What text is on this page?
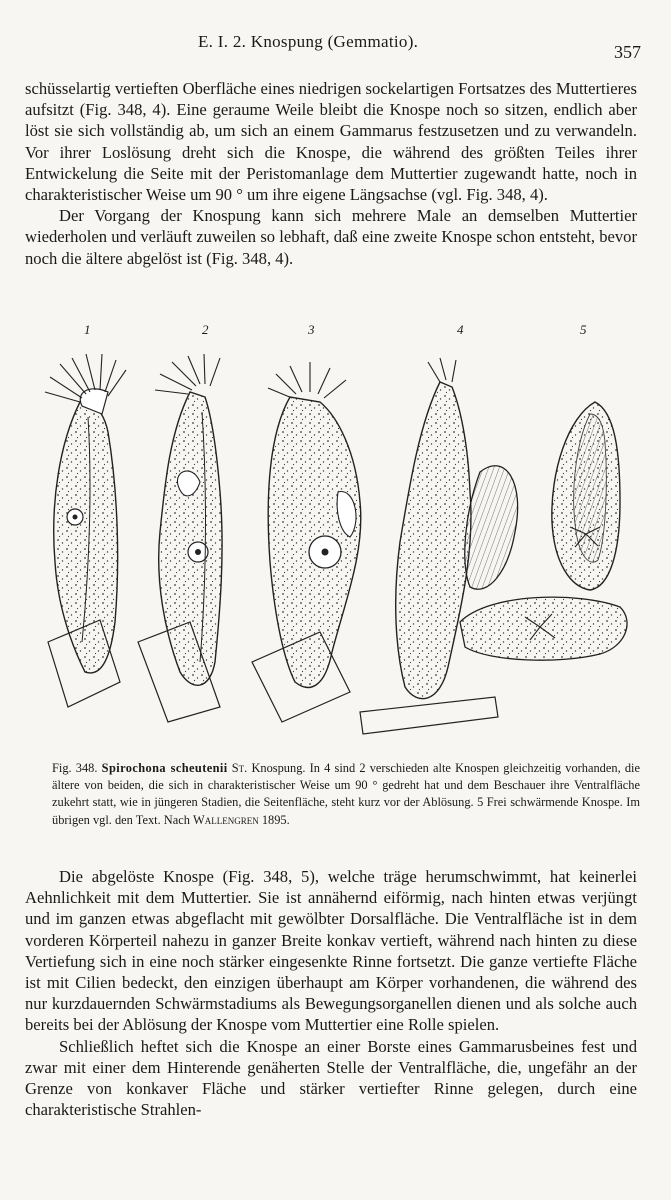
E. I. 2. Knospung (Gemmatio).
357

schüsselartig vertieften Oberfläche eines niedrigen sockelartigen Fortsatzes des Muttertieres aufsitzt (Fig. 348, 4). Eine geraume Weile bleibt die Knospe noch so sitzen, endlich aber löst sie sich vollständig ab, um sich an einem Gammarus festzusetzen und zu verwandeln. Vor ihrer Loslösung dreht sich die Knospe, die während des größten Teiles ihrer Entwickelung die Seite mit der Peristomanlage dem Muttertier zugewandt hatte, noch in charakteristischer Weise um 90 ° um ihre eigene Längsachse (vgl. Fig. 348, 4).

Der Vorgang der Knospung kann sich mehrere Male an demselben Muttertier wiederholen und verläuft zuweilen so lebhaft, daß eine zweite Knospe schon entsteht, bevor noch die ältere abgelöst ist (Fig. 348, 4).

1	2	3	4	5
Fig. 348. Spirochona scheutenii St. Knospung. In 4 sind 2 verschieden alte Knospen gleichzeitig vorhanden, die ältere von beiden, die sich in charakteristischer Weise um 90 ° gedreht hat und dem Beschauer ihre Ventralfläche zukehrt statt, wie in jüngeren Stadien, die Seitenfläche, steht kurz vor der Ablösung. 5 Frei schwärmende Knospe. Im übrigen vgl. den Text. Nach Wallengren 1895.

Die abgelöste Knospe (Fig. 348, 5), welche träge herumschwimmt, hat keinerlei Aehnlichkeit mit dem Muttertier. Sie ist annähernd eiförmig, nach hinten etwas verjüngt und im ganzen etwas abgeflacht mit gewölbter Dorsalfläche. Die Ventralfläche ist in dem vorderen Körperteil nahezu in ganzer Breite konkav vertieft, während nach hinten zu diese Vertiefung sich in eine noch stärker eingesenkte Rinne fortsetzt. Die ganze vertiefte Fläche ist mit Cilien bedeckt, den einzigen überhaupt am Körper vorhandenen, die während des nur kurzdauernden Schwärmstadiums als Bewegungsorganellen dienen und als solche auch bereits bei der Ablösung der Knospe vom Muttertier eine Rolle spielen.

Schließlich heftet sich die Knospe an einer Borste eines Gammarusbeines fest und zwar mit einer dem Hinterende genäherten Stelle der Ventralfläche, die, ungefähr an der Grenze von konkaver Fläche und stärker vertiefter Rinne gelegen, durch eine charakteristische Strahlen-
